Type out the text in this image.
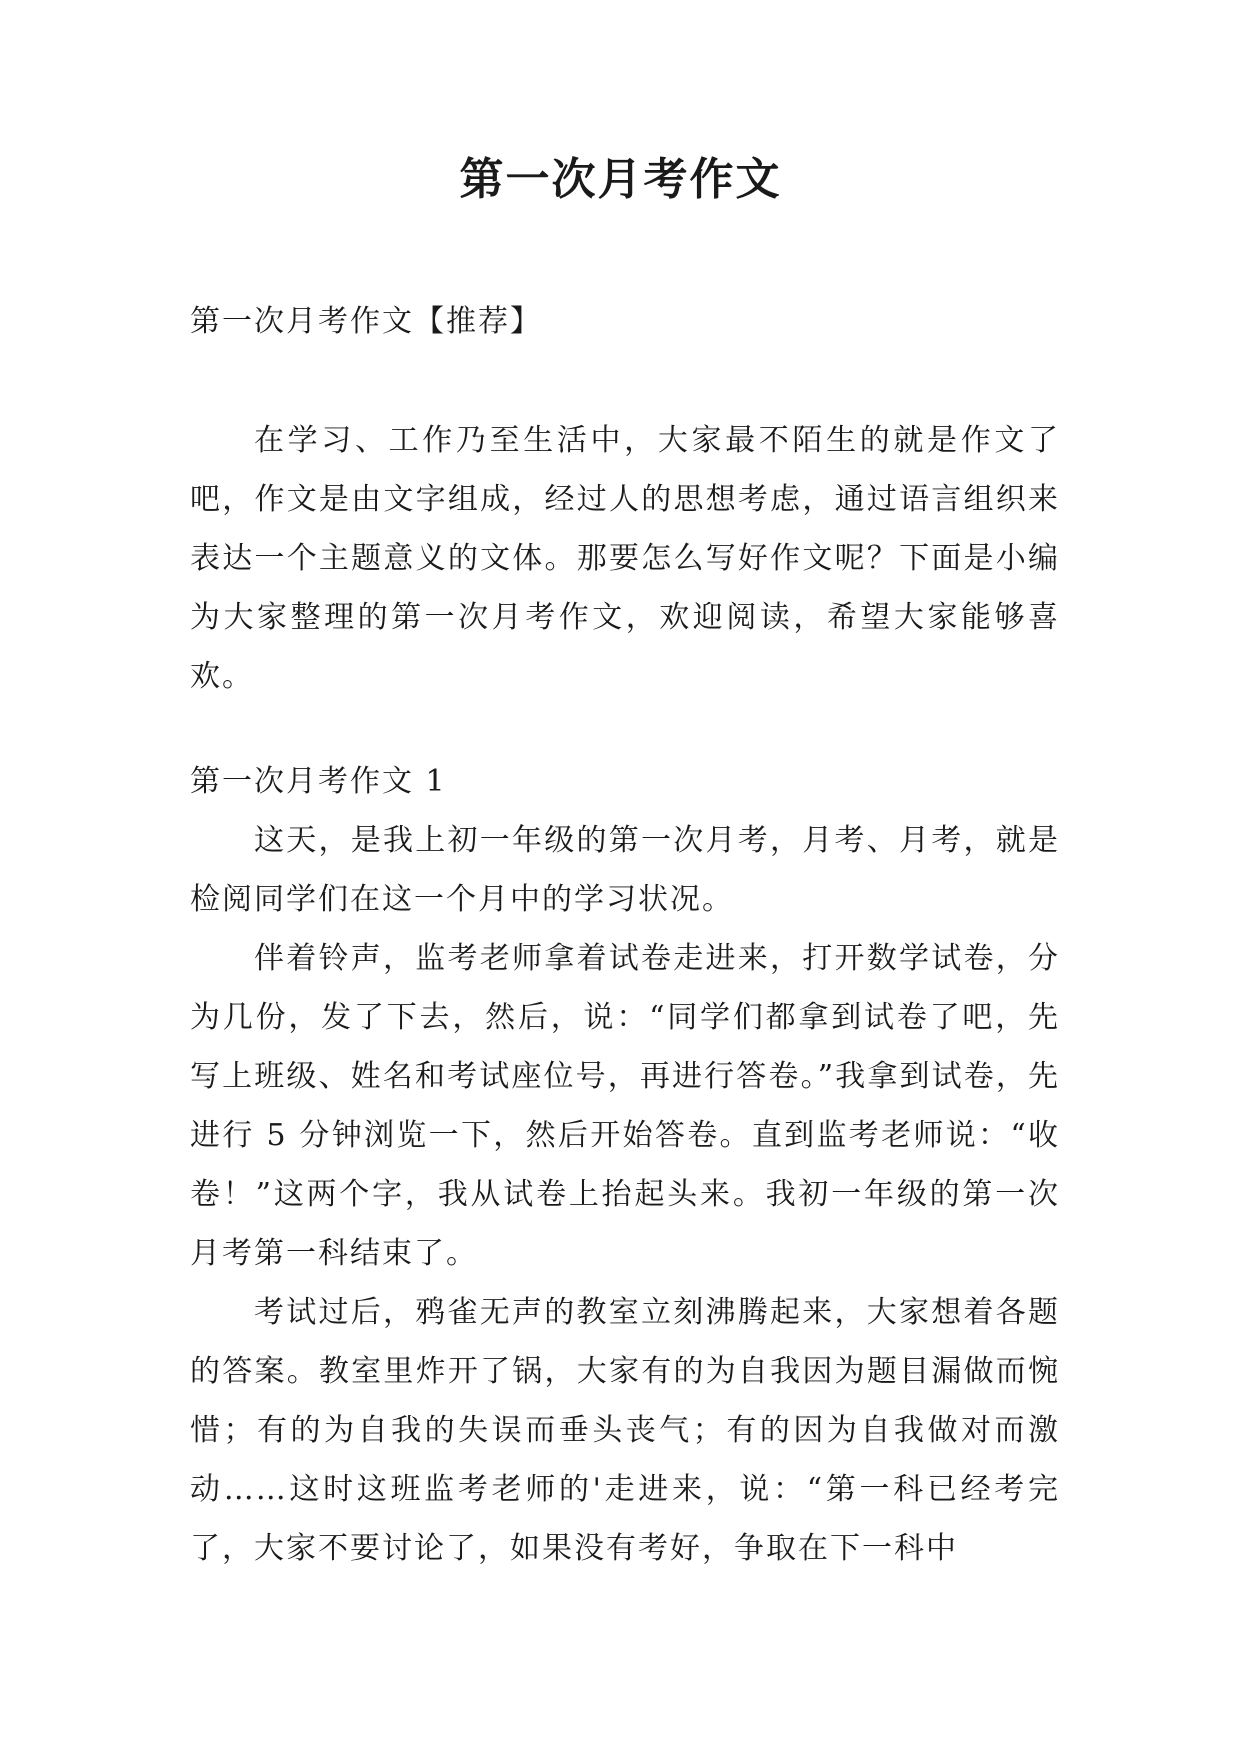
第一次月考作文

第一次月考作文【推荐】

在学习、工作乃至生活中，大家最不陌生的就是作文了吧，作文是由文字组成，经过人的思想考虑，通过语言组织来表达一个主题意义的文体。那要怎么写好作文呢？下面是小编为大家整理的第一次月考作文，欢迎阅读，希望大家能够喜欢。

第一次月考作文 1

这天，是我上初一年级的第一次月考，月考、月考，就是检阅同学们在这一个月中的学习状况。

伴着铃声，监考老师拿着试卷走进来，打开数学试卷，分为几份，发了下去，然后，说：“同学们都拿到试卷了吧，先写上班级、姓名和考试座位号，再进行答卷。”我拿到试卷，先进行 5 分钟浏览一下，然后开始答卷。直到监考老师说：“收卷！”这两个字，我从试卷上抬起头来。我初一年级的第一次月考第一科结束了。

考试过后，鸦雀无声的教室立刻沸腾起来，大家想着各题的答案。教室里炸开了锅，大家有的为自我因为题目漏做而惋惜；有的为自我的失误而垂头丧气；有的因为自我做对而激动……这时这班监考老师的'走进来，说：“第一科已经考完了，大家不要讨论了，如果没有考好，争取在下一科中
